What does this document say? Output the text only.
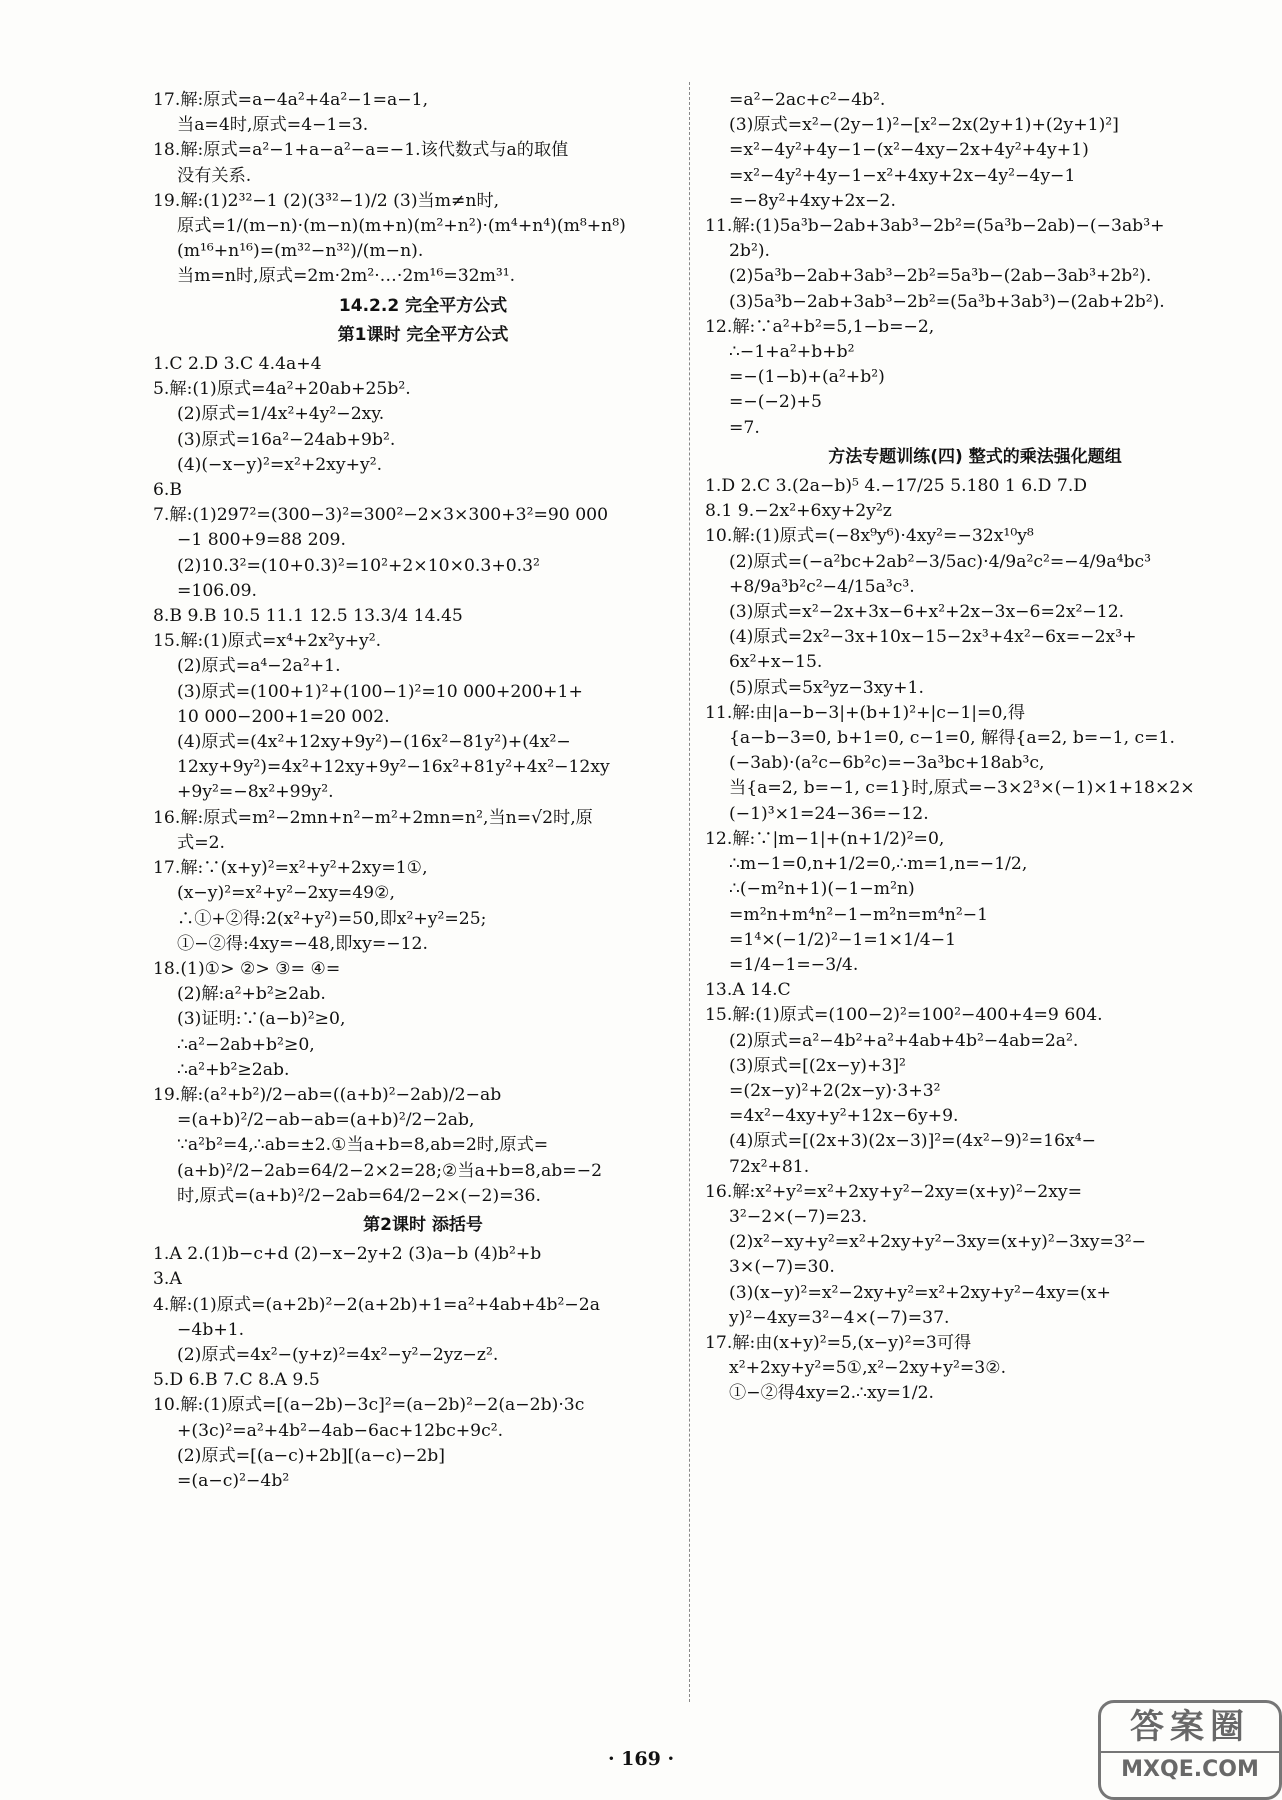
17.解:原式=a−4a²+4a²−1=a−1,
当a=4时,原式=4−1=3.
18.解:原式=a²−1+a−a²−a=−1.该代数式与a的取值
没有关系.
19.解:(1)2³²−1 (2)(3³²−1)/2 (3)当m≠n时,
原式=1/(m−n)·(m−n)(m+n)(m²+n²)·(m⁴+n⁴)(m⁸+n⁸)
(m¹⁶+n¹⁶)=(m³²−n³²)/(m−n).
当m=n时,原式=2m·2m²·…·2m¹⁶=32m³¹.
14.2.2 完全平方公式
第1课时 完全平方公式
1.C 2.D 3.C 4.4a+4
5.解:(1)原式=4a²+20ab+25b².
(2)原式=1/4x²+4y²−2xy.
(3)原式=16a²−24ab+9b².
(4)(−x−y)²=x²+2xy+y².
6.B
7.解:(1)297²=(300−3)²=300²−2×3×300+3²=90 000
−1 800+9=88 209.
(2)10.3²=(10+0.3)²=10²+2×10×0.3+0.3²
=106.09.
8.B 9.B 10.5 11.1 12.5 13.3/4 14.45
15.解:(1)原式=x⁴+2x²y+y².
(2)原式=a⁴−2a²+1.
(3)原式=(100+1)²+(100−1)²=10 000+200+1+
10 000−200+1=20 002.
(4)原式=(4x²+12xy+9y²)−(16x²−81y²)+(4x²−
12xy+9y²)=4x²+12xy+9y²−16x²+81y²+4x²−12xy
+9y²=−8x²+99y².
16.解:原式=m²−2mn+n²−m²+2mn=n²,当n=√2时,原
式=2.
17.解:∵(x+y)²=x²+y²+2xy=1①,
(x−y)²=x²+y²−2xy=49②,
∴①+②得:2(x²+y²)=50,即x²+y²=25;
①−②得:4xy=−48,即xy=−12.
18.(1)①> ②> ③= ④=
(2)解:a²+b²≥2ab.
(3)证明:∵(a−b)²≥0,
∴a²−2ab+b²≥0,
∴a²+b²≥2ab.
19.解:(a²+b²)/2−ab=((a+b)²−2ab)/2−ab
=(a+b)²/2−ab−ab=(a+b)²/2−2ab,
∵a²b²=4,∴ab=±2.①当a+b=8,ab=2时,原式=
(a+b)²/2−2ab=64/2−2×2=28;②当a+b=8,ab=−2
时,原式=(a+b)²/2−2ab=64/2−2×(−2)=36.
第2课时 添括号
1.A 2.(1)b−c+d (2)−x−2y+2 (3)a−b (4)b²+b
3.A
4.解:(1)原式=(a+2b)²−2(a+2b)+1=a²+4ab+4b²−2a
−4b+1.
(2)原式=4x²−(y+z)²=4x²−y²−2yz−z².
5.D 6.B 7.C 8.A 9.5
10.解:(1)原式=[(a−2b)−3c]²=(a−2b)²−2(a−2b)·3c
+(3c)²=a²+4b²−4ab−6ac+12bc+9c².
(2)原式=[(a−c)+2b][(a−c)−2b]
=(a−c)²−4b²
=a²−2ac+c²−4b².
(3)原式=x²−(2y−1)²−[x²−2x(2y+1)+(2y+1)²]
=x²−4y²+4y−1−(x²−4xy−2x+4y²+4y+1)
=x²−4y²+4y−1−x²+4xy+2x−4y²−4y−1
=−8y²+4xy+2x−2.
11.解:(1)5a³b−2ab+3ab³−2b²=(5a³b−2ab)−(−3ab³+
2b²).
(2)5a³b−2ab+3ab³−2b²=5a³b−(2ab−3ab³+2b²).
(3)5a³b−2ab+3ab³−2b²=(5a³b+3ab³)−(2ab+2b²).
12.解:∵a²+b²=5,1−b=−2,
∴−1+a²+b+b²
=−(1−b)+(a²+b²)
=−(−2)+5
=7.
方法专题训练(四) 整式的乘法强化题组
1.D 2.C 3.(2a−b)⁵ 4.−17/25 5.180 1 6.D 7.D
8.1 9.−2x²+6xy+2y²z
10.解:(1)原式=(−8x⁹y⁶)·4xy²=−32x¹⁰y⁸
(2)原式=(−a²bc+2ab²−3/5ac)·4/9a²c²=−4/9a⁴bc³
+8/9a³b²c²−4/15a³c³.
(3)原式=x²−2x+3x−6+x²+2x−3x−6=2x²−12.
(4)原式=2x²−3x+10x−15−2x³+4x²−6x=−2x³+
6x²+x−15.
(5)原式=5x²yz−3xy+1.
11.解:由|a−b−3|+(b+1)²+|c−1|=0,得
{a−b−3=0, b+1=0, c−1=0, 解得{a=2, b=−1, c=1.
(−3ab)·(a²c−6b²c)=−3a³bc+18ab³c,
当{a=2, b=−1, c=1}时,原式=−3×2³×(−1)×1+18×2×
(−1)³×1=24−36=−12.
12.解:∵|m−1|+(n+1/2)²=0,
∴m−1=0,n+1/2=0,∴m=1,n=−1/2,
∴(−m²n+1)(−1−m²n)
=m²n+m⁴n²−1−m²n=m⁴n²−1
=1⁴×(−1/2)²−1=1×1/4−1
=1/4−1=−3/4.
13.A 14.C
15.解:(1)原式=(100−2)²=100²−400+4=9 604.
(2)原式=a²−4b²+a²+4ab+4b²−4ab=2a².
(3)原式=[(2x−y)+3]²
=(2x−y)²+2(2x−y)·3+3²
=4x²−4xy+y²+12x−6y+9.
(4)原式=[(2x+3)(2x−3)]²=(4x²−9)²=16x⁴−
72x²+81.
16.解:x²+y²=x²+2xy+y²−2xy=(x+y)²−2xy=
3²−2×(−7)=23.
(2)x²−xy+y²=x²+2xy+y²−3xy=(x+y)²−3xy=3²−
3×(−7)=30.
(3)(x−y)²=x²−2xy+y²=x²+2xy+y²−4xy=(x+
y)²−4xy=3²−4×(−7)=37.
17.解:由(x+y)²=5,(x−y)²=3可得
x²+2xy+y²=5①,x²−2xy+y²=3②.
①−②得4xy=2.∴xy=1/2.
· 169 ·
答案圈
MXQE.COM
